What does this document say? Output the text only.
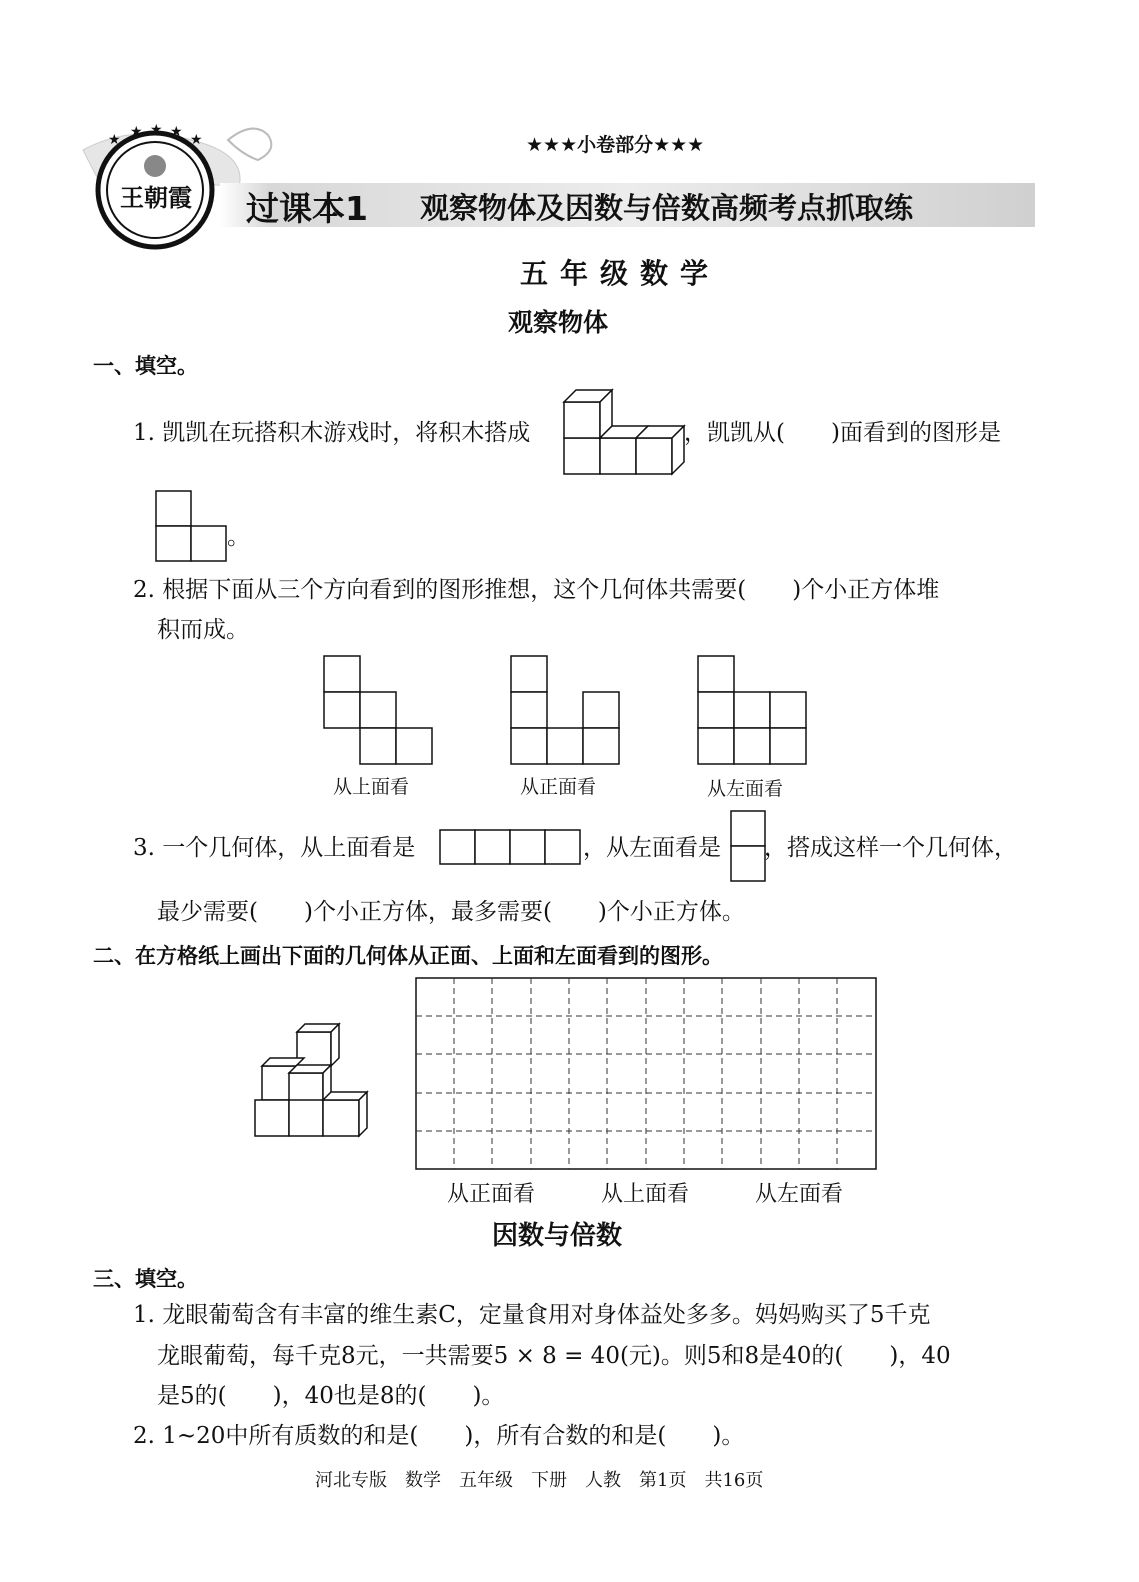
★ ★ ★ ★ ★
王朝霞
★★★小卷部分★★★
过课本1 观察物体及因数与倍数高频考点抓取练
五年级数学
观察物体
一、填空。
1. 凯凯在玩搭积木游戏时，将积木搭成	，凯凯从(　　)面看到的图形是
。
2. 根据下面从三个方向看到的图形推想，这个几何体共需要(　　)个小正方体堆
积而成。
从上面看	从正面看	从左面看
3. 一个几何体，从上面看是	，从左面看是 ，搭成这样一个几何体，
最少需要(　　)个小正方体，最多需要(　　)个小正方体。
二、在方格纸上画出下面的几何体从正面、上面和左面看到的图形。
从正面看	从上面看	从左面看
因数与倍数
三、填空。
1. 龙眼葡萄含有丰富的维生素C，定量食用对身体益处多多。妈妈购买了5千克
龙眼葡萄，每千克8元，一共需要5 × 8 = 40(元)。则5和8是40的(　　)，40
是5的(　　)，40也是8的(　　)。
2. 1~20中所有质数的和是(　　)，所有合数的和是(　　)。
河北专版　数学　五年级　下册　人教　第1页　共16页
